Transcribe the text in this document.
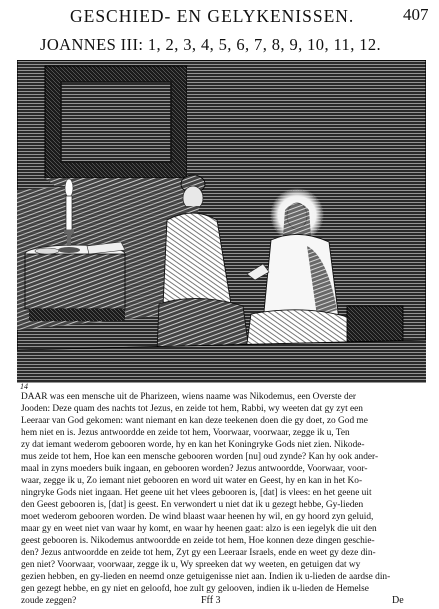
GESCHIED- EN GELYKENISSEN.	407
JOANNES III: 1, 2, 3, 4, 5, 6, 7, 8, 9, 10, 11, 12.
14
DAAR was een mensche uit de Pharizeen, wiens naame was Nikodemus, een Overste der
Jooden: Deze quam des nachts tot Jezus, en zeide tot hem, Rabbi, wy weeten dat gy zyt een
Leeraar van God gekomen: want niemant en kan deze teekenen doen die gy doet, zo God me
hem niet en is. Jezus antwoordde en zeide tot hem, Voorwaar, voorwaar, zegge ik u, Ten
zy dat iemant wederom gebooren worde, hy en kan het Koningryke Gods niet zien. Nikode-
mus zeide tot hem, Hoe kan een mensche gebooren worden [nu] oud zynde? Kan hy ook ander-
maal in zyns moeders buik ingaan, en gebooren worden? Jezus antwoordde, Voorwaar, voor-
waar, zegge ik u, Zo iemant niet gebooren en word uit water en Geest, hy en kan in het Ko-
ningryke Gods niet ingaan. Het geene uit het vlees gebooren is, [dat] is vlees: en het geene uit
den Geest gebooren is, [dat] is geest. En verwondert u niet dat ik u gezegt hebbe, Gy-lieden
moet wederom gebooren worden. De wind blaast waar heenen hy wil, en gy hoord zyn geluid,
maar gy en weet niet van waar hy komt, en waar hy heenen gaat: alzo is een iegelyk die uit den
geest gebooren is. Nikodemus antwoordde en zeide tot hem, Hoe konnen deze dingen geschie-
den? Jezus antwoordde en zeide tot hem, Zyt gy een Leeraar Israels, ende en weet gy deze din-
gen niet? Voorwaar, voorwaar, zegge ik u, Wy spreeken dat wy weeten, en getuigen dat wy
gezien hebben, en gy-lieden en neemd onze getuigenisse niet aan. Indien ik u-lieden de aardse din-
gen gezegt hebbe, en gy niet en geloofd, hoe zult gy gelooven, indien ik u-lieden de Hemelse
zoude zeggen?	Fff 3	De
